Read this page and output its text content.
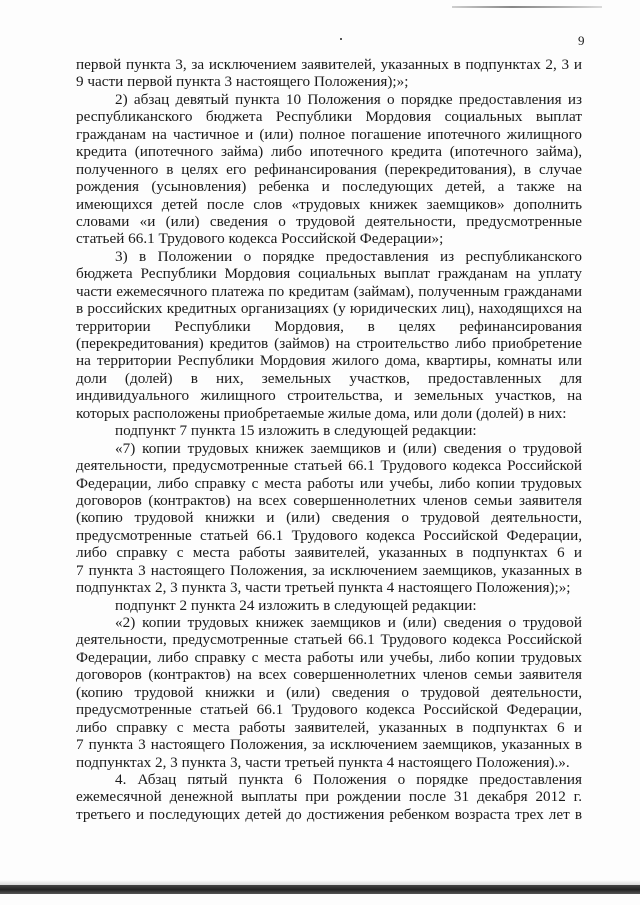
9
первой пункта 3, за исключением заявителей, указанных в подпунктах 2, 3 и
9 части первой пункта 3 настоящего Положения);»;
2) абзац девятый пункта 10 Положения о порядке предоставления из
республиканского бюджета Республики Мордовия социальных выплат
гражданам на частичное и (или) полное погашение ипотечного жилищного
кредита (ипотечного займа) либо ипотечного кредита (ипотечного займа),
полученного в целях его рефинансирования (перекредитования), в случае
рождения (усыновления) ребенка и последующих детей, а также на
имеющихся детей после слов «трудовых книжек заемщиков» дополнить
словами «и (или) сведения о трудовой деятельности, предусмотренные
статьей 66.1 Трудового кодекса Российской Федерации»;
3) в Положении о порядке предоставления из республиканского
бюджета Республики Мордовия социальных выплат гражданам на уплату
части ежемесячного платежа по кредитам (займам), полученным гражданами
в российских кредитных организациях (у юридических лиц), находящихся на
территории Республики Мордовия, в целях рефинансирования
(перекредитования) кредитов (займов) на строительство либо приобретение
на территории Республики Мордовия жилого дома, квартиры, комнаты или
доли (долей) в них, земельных участков, предоставленных для
индивидуального жилищного строительства, и земельных участков, на
которых расположены приобретаемые жилые дома, или доли (долей) в них:
подпункт 7 пункта 15 изложить в следующей редакции:
«7) копии трудовых книжек заемщиков и (или) сведения о трудовой
деятельности, предусмотренные статьей 66.1 Трудового кодекса Российской
Федерации, либо справку с места работы или учебы, либо копии трудовых
договоров (контрактов) на всех совершеннолетних членов семьи заявителя
(копию трудовой книжки и (или) сведения о трудовой деятельности,
предусмотренные статьей 66.1 Трудового кодекса Российской Федерации,
либо справку с места работы заявителей, указанных в подпунктах 6 и
7 пункта 3 настоящего Положения, за исключением заемщиков, указанных в
подпунктах 2, 3 пункта 3, части третьей пункта 4 настоящего Положения);»;
подпункт 2 пункта 24 изложить в следующей редакции:
«2) копии трудовых книжек заемщиков и (или) сведения о трудовой
деятельности, предусмотренные статьей 66.1 Трудового кодекса Российской
Федерации, либо справку с места работы или учебы, либо копии трудовых
договоров (контрактов) на всех совершеннолетних членов семьи заявителя
(копию трудовой книжки и (или) сведения о трудовой деятельности,
предусмотренные статьей 66.1 Трудового кодекса Российской Федерации,
либо справку с места работы заявителей, указанных в подпунктах 6 и
7 пункта 3 настоящего Положения, за исключением заемщиков, указанных в
подпунктах 2, 3 пункта 3, части третьей пункта 4 настоящего Положения).».
4. Абзац пятый пункта 6 Положения о порядке предоставления
ежемесячной денежной выплаты при рождении после 31 декабря 2012 г.
третьего и последующих детей до достижения ребенком возраста трех лет в
